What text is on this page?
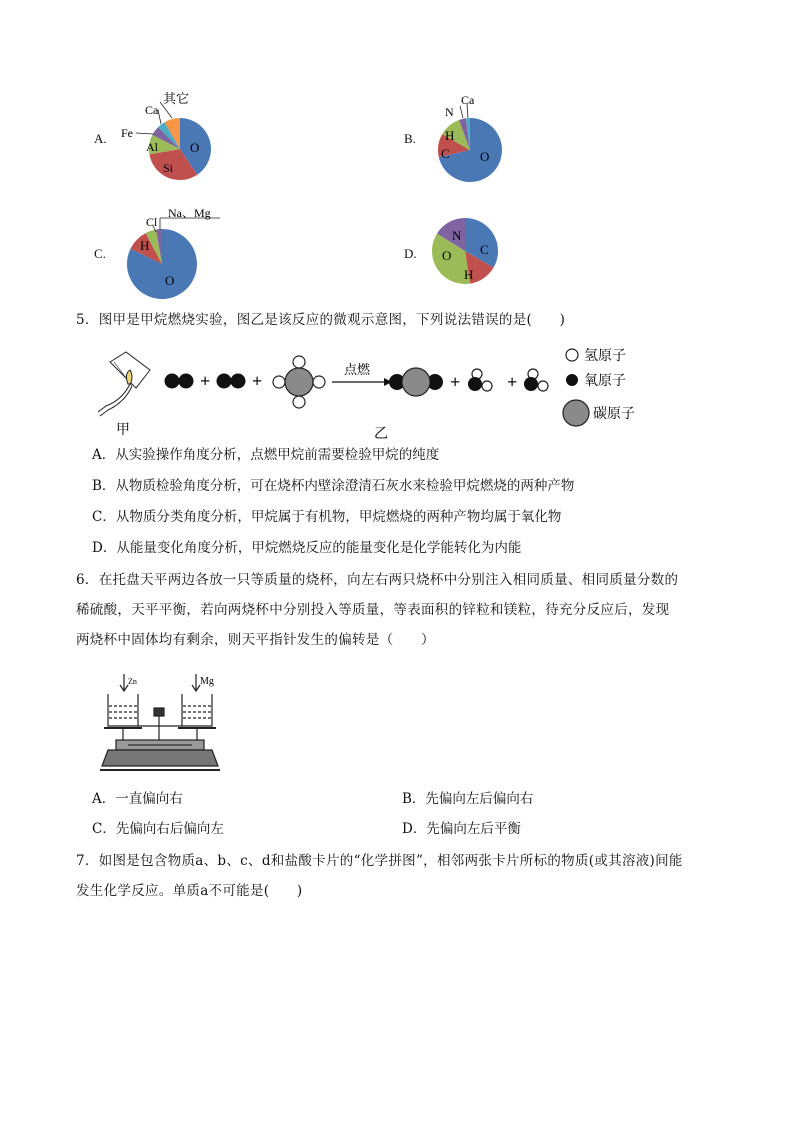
A.
其它
Ca
Fe
Al
Si
O
B.
N
Ca
H
C O
C.
Cl
Na、Mg
H
O
D.
N
C
O
H
5．图甲是甲烷燃烧实验，图乙是该反应的微观示意图，下列说法错误的是(　　)
甲
+ +
点燃
+	+
乙
氢原子
氧原子
碳原子
A．从实验操作角度分析，点燃甲烷前需要检验甲烷的纯度
B．从物质检验角度分析，可在烧杯内壁涂澄清石灰水来检验甲烷燃烧的两种产物
C．从物质分类角度分析，甲烷属于有机物，甲烷燃烧的两种产物均属于氧化物
D．从能量变化角度分析，甲烷燃烧反应的能量变化是化学能转化为内能
6．在托盘天平两边各放一只等质量的烧杯，向左右两只烧杯中分别注入相同质量、相同质量分数的
稀硫酸，天平平衡，若向两烧杯中分别投入等质量，等表面积的锌粒和镁粒，待充分反应后，发现
两烧杯中固体均有剩余，则天平指针发生的偏转是（　　）
Zn	Mg
A．一直偏向右	B．先偏向左后偏向右
C．先偏向右后偏向左	D．先偏向左后平衡
7．如图是包含物质a、b、c、d和盐酸卡片的“化学拼图”，相邻两张卡片所标的物质(或其溶液)间能
发生化学反应。单质a不可能是(　　)
